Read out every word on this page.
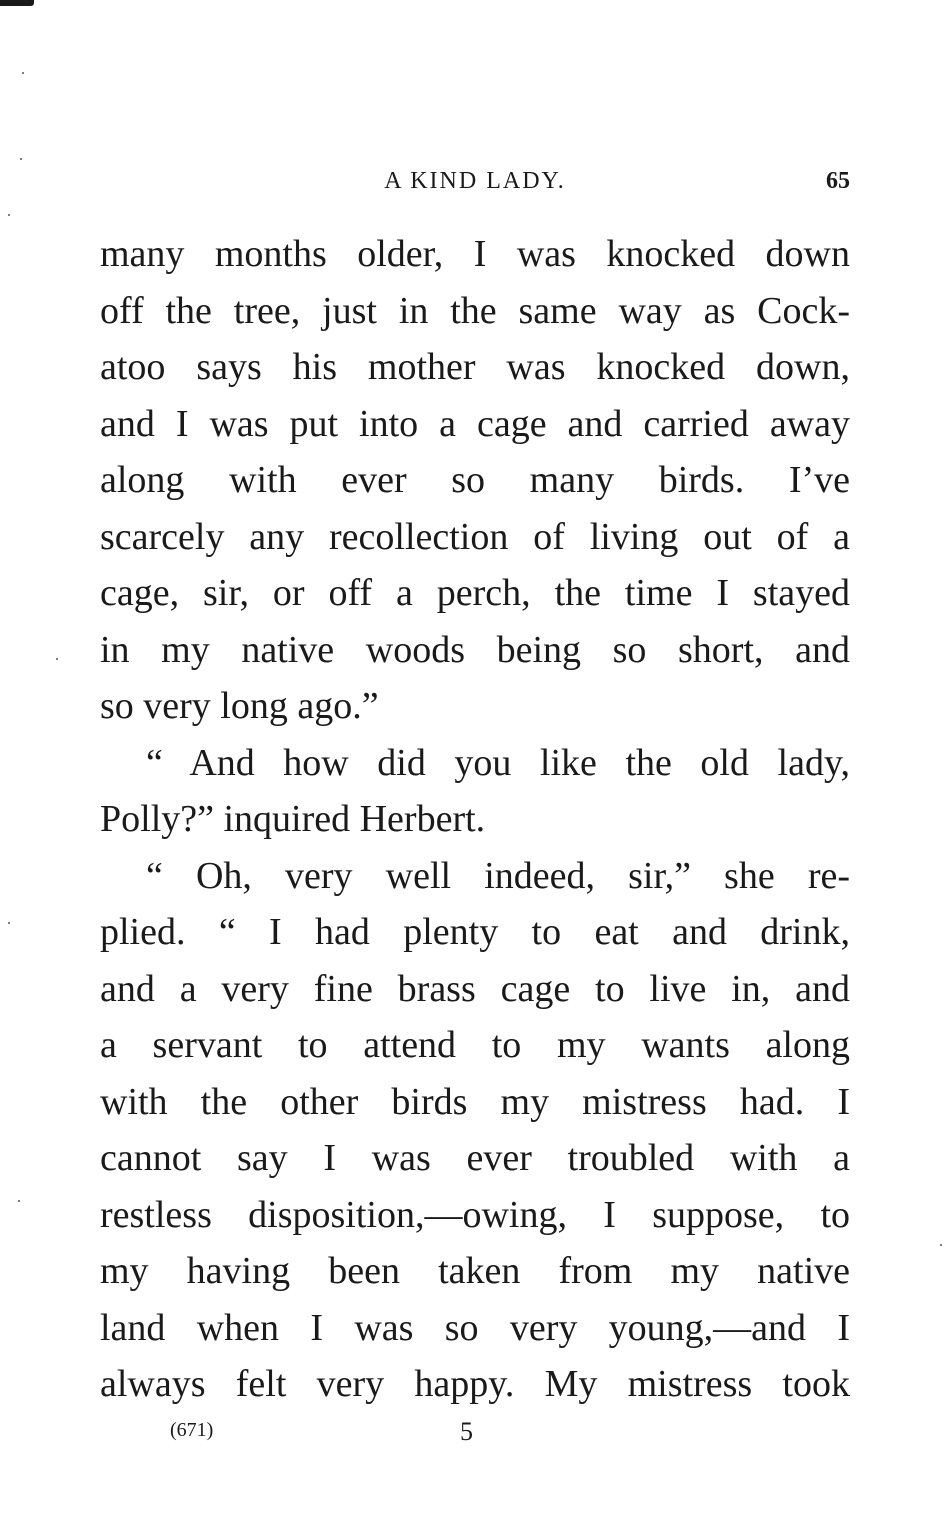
A KIND LADY.	65
many months older, I was knocked down
off the tree, just in the same way as Cock-
atoo says his mother was knocked down,
and I was put into a cage and carried away
along with ever so many birds. I’ve
scarcely any recollection of living out of a
cage, sir, or off a perch, the time I stayed
in my native woods being so short, and
so very long ago.”
“ And how did you like the old lady,
Polly?” inquired Herbert.
“ Oh, very well indeed, sir,” she re-
plied. “ I had plenty to eat and drink,
and a very fine brass cage to live in, and
a servant to attend to my wants along
with the other birds my mistress had. I
cannot say I was ever troubled with a
restless disposition,—owing, I suppose, to
my having been taken from my native
land when I was so very young,—and I
always felt very happy. My mistress took
(671)	5
